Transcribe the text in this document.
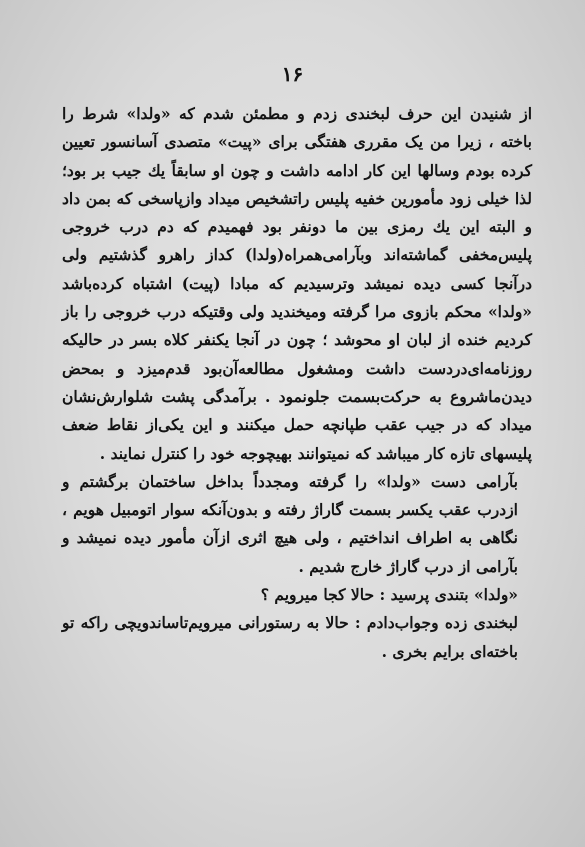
۱۶

از شنیدن این حرف لبخندی زدم و مطمئن شدم که «ولدا» شرط را باخته ، زیرا من یک مقرری هفتگی برای «پیت» متصدی آسانسور تعیین کرده بودم وسالها این کار ادامه داشت و چون او سابقاً یك جیب بر بود؛ لذا خیلی زود مأمورین خفیه پلیس راتشخیص میداد وازپاسخی که بمن داد و البته این یك رمزی بین ما دونفر بود فهمیدم که دم درب خروجی پلیس‌مخفی گماشته‌اند وبآرامی‌همراه(ولدا) کداز راهرو گذشتیم ولی درآنجا کسی دیده نمیشد وترسیدیم که مبادا (پیت) اشتباه کرده‌باشد «ولدا» محکم بازوی مرا گرفته ومیخندید ولی وقتیکه درب خروجی را باز کردیم خنده از لبان او محوشد ؛ چون در آنجا یکنفر کلاه بسر در حالیکه روزنامه‌ای‌دردست داشت ومشغول مطالعه‌آن‌بود قدم‌میزد و بمحض دیدن‌ماشروع به حرکت‌بسمت جلونمود . برآمدگی پشت شلوارش‌نشان میداد که در جیب عقب طپانچه حمل میکنند و این یکی‌از نقاط ضعف پلیسهای تازه کار میباشد که نمیتوانند بهیچوجه خود را کنترل نمایند .

بآرامی دست «ولدا» را گرفته ومجدداً بداخل ساختمان برگشتم و ازدرب عقب یکسر بسمت گاراژ رفته و بدون‌آنکه سوار اتومبیل هویم ، نگاهی به اطراف انداختیم ، ولی هیچ اثری ازآن مأمور دیده نمیشد و بآرامی از درب گاراژ خارج شدیم .

«ولدا» بتندی پرسید : حالا کجا میرویم ؟

لبخندی زده وجواب‌دادم : حالا به رستورانی میرویم‌تاساندویچی راکه تو باخته‌ای برایم بخری .
